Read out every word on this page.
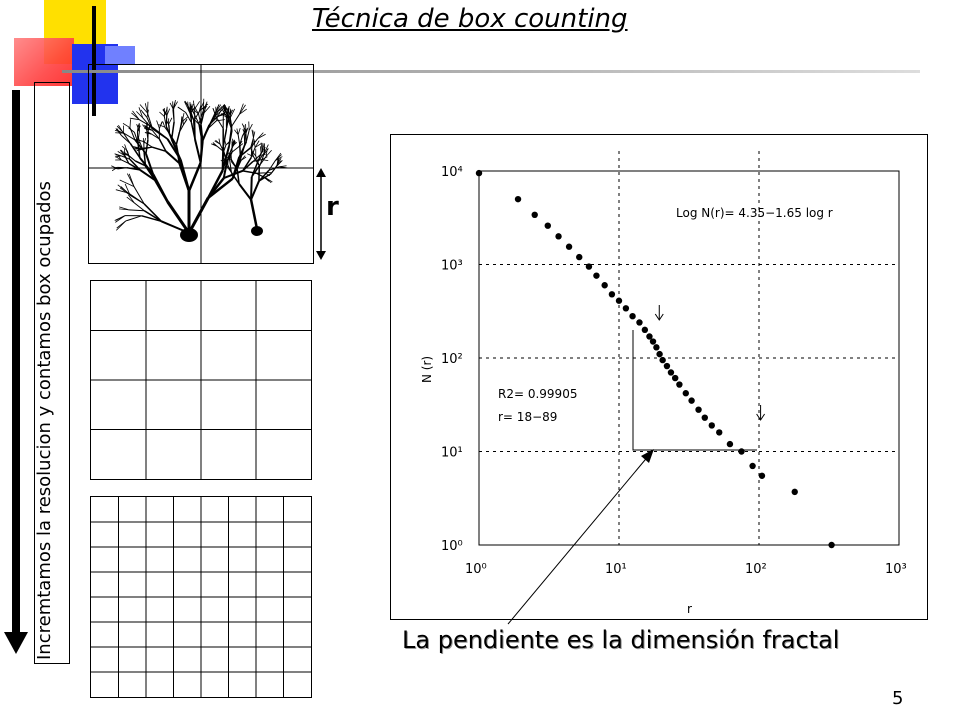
Técnica de box counting
Incremtamos la resolucion y contamos box ocupados	r
10⁰	10¹	10²	10³
10⁰
10¹
10²
10³
10⁴
Log N(r)= 4.35−1.65 log r
R2= 0.99905
r= 18−89
r
N (r)
La pendiente es la dimensión fractal
5
